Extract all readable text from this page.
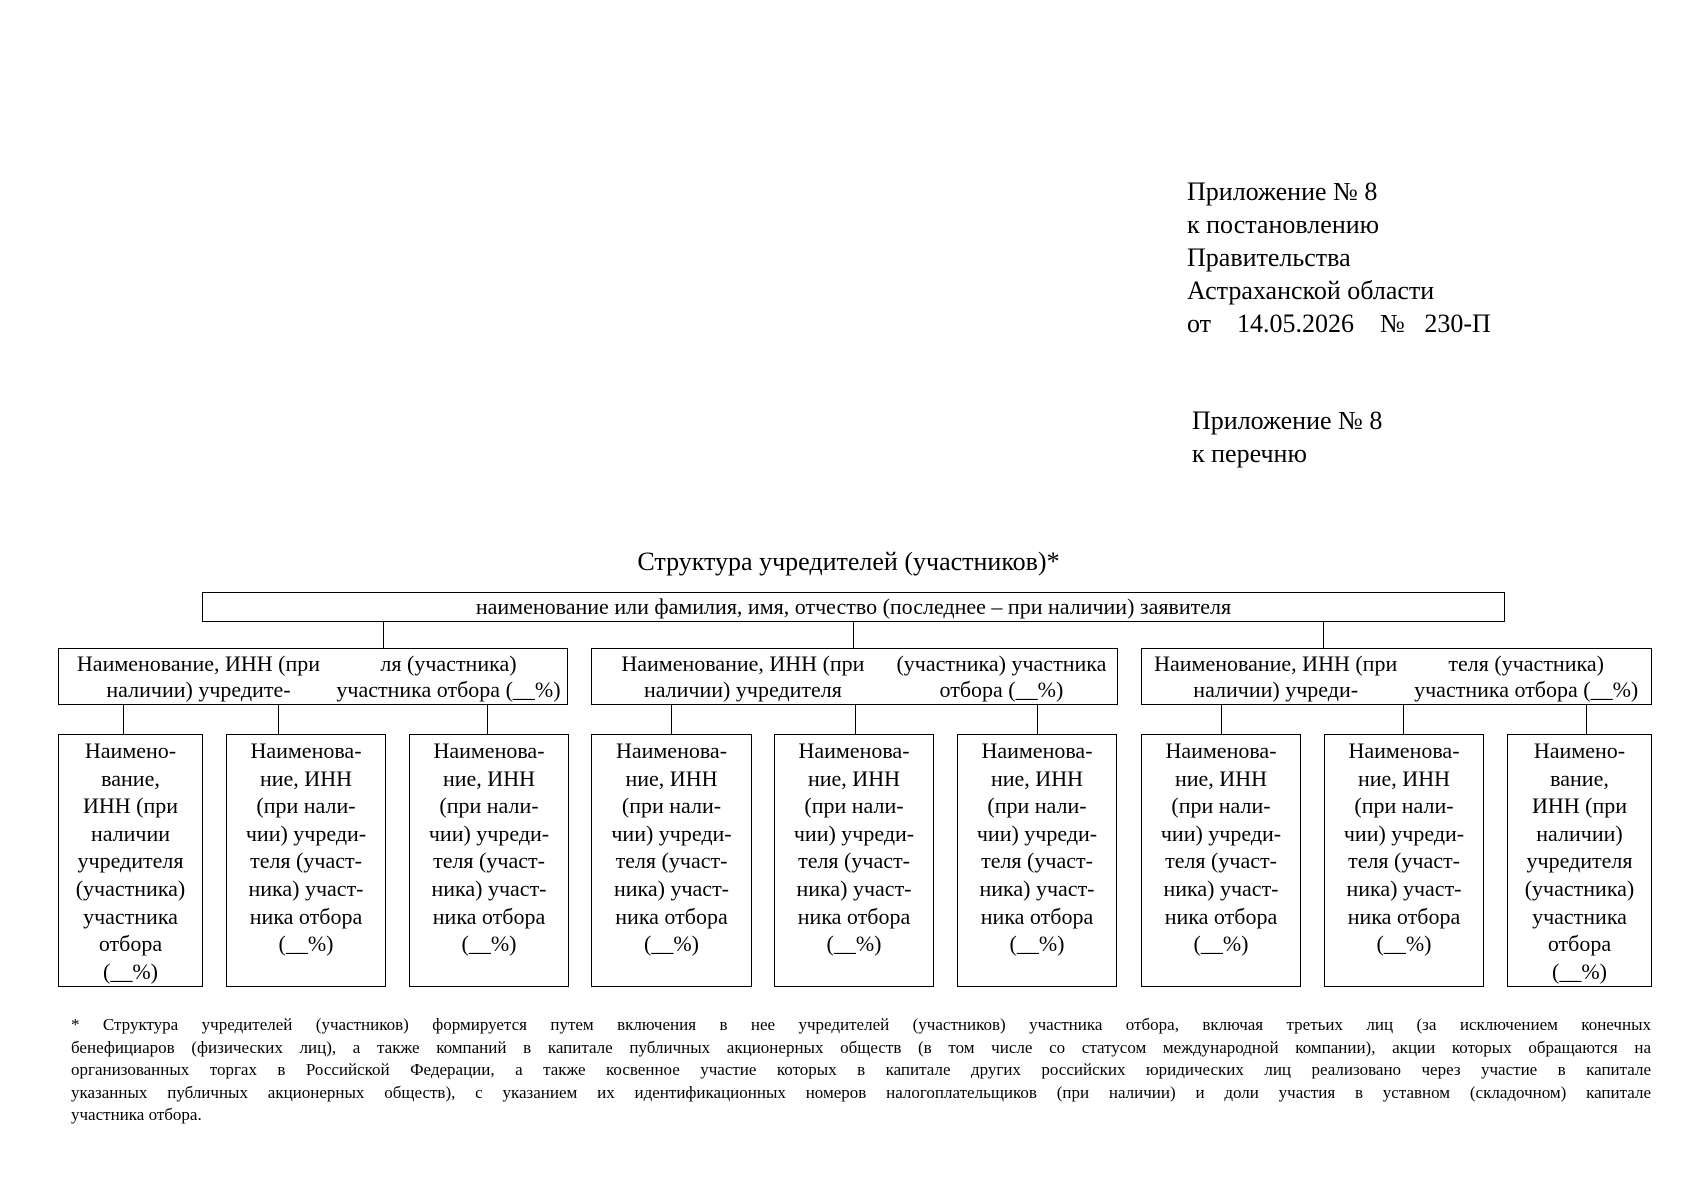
Приложение № 8

к постановлению

Правительства

Астраханской области

от    14.05.2026    №   230-П

Приложение № 8

к перечню

Структура учредителей (участников)*
наименование или фамилия, имя, отчество (последнее – при наличии) заявителя
Наименование, ИНН (при наличии) учредите-
ля (участника) участника отбора (__%)
Наименование, ИНН (при наличии) учредителя
(участника) участника отбора (__%)
Наименование, ИНН (при наличии) учреди-
теля (участника) участника отбора (__%)
Наимено-
вание,
ИНН (при
наличии
учредителя
(участника)
участника
отбора
(__%)
Наименова-
ние, ИНН
(при нали-
чии) учреди-
теля (участ-
ника) участ-
ника отбора
(__%)
Наименова-
ние, ИНН
(при нали-
чии) учреди-
теля (участ-
ника) участ-
ника отбора
(__%)
Наименова-
ние, ИНН
(при нали-
чии) учреди-
теля (участ-
ника) участ-
ника отбора
(__%)
Наименова-
ние, ИНН
(при нали-
чии) учреди-
теля (участ-
ника) участ-
ника отбора
(__%)
Наименова-
ние, ИНН
(при нали-
чии) учреди-
теля (участ-
ника) участ-
ника отбора
(__%)
Наименова-
ние, ИНН
(при нали-
чии) учреди-
теля (участ-
ника) участ-
ника отбора
(__%)
Наименова-
ние, ИНН
(при нали-
чии) учреди-
теля (участ-
ника) участ-
ника отбора
(__%)
Наимено-
вание,
ИНН (при
наличии)
учредителя
(участника)
участника
отбора
(__%)
* Структура учредителей (участников) формируется путем включения в нее учредителей (участников) участника отбора, включая третьих лиц (за исключением конечных
бенефициаров (физических лиц), а также компаний в капитале публичных акционерных обществ (в том числе со статусом международной компании), акции которых обращаются на
организованных торгах в Российской Федерации, а также косвенное участие которых в капитале других российских юридических лиц реализовано через участие в капитале
указанных публичных акционерных обществ), с указанием их идентификационных номеров налогоплательщиков (при наличии) и доли участия в уставном (складочном) капитале
участника отбора.
